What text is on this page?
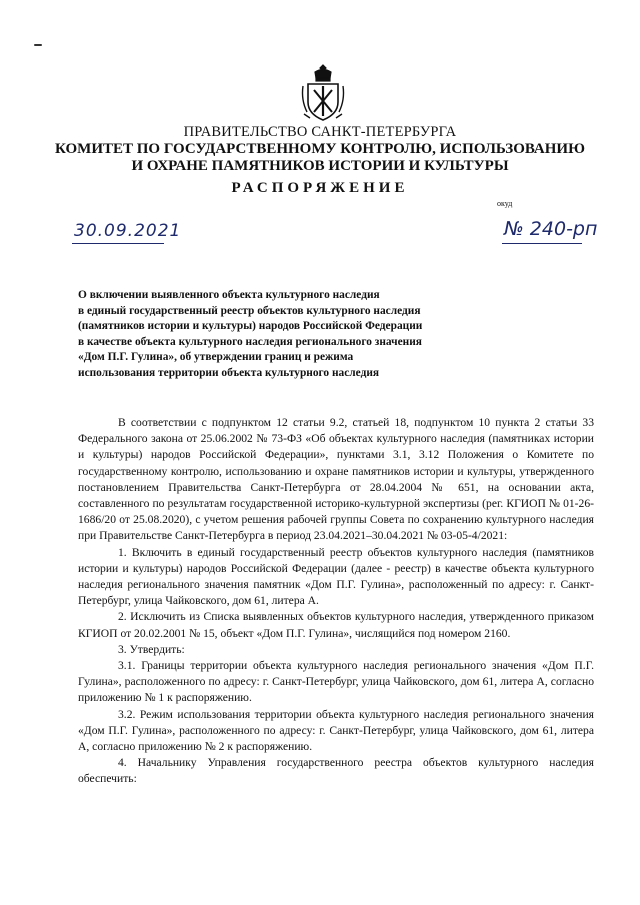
ПРАВИТЕЛЬСТВО САНКТ-ПЕТЕРБУРГА
КОМИТЕТ ПО ГОСУДАРСТВЕННОМУ КОНТРОЛЮ, ИСПОЛЬЗОВАНИЮ
И ОХРАНЕ ПАМЯТНИКОВ ИСТОРИИ И КУЛЬТУРЫ
РАСПОРЯЖЕНИЕ
окуд
30.09.2021	№ 240-рп
О включении выявленного объекта культурного наследия
в единый государственный реестр объектов культурного наследия
(памятников истории и культуры) народов Российской Федерации
в качестве объекта культурного наследия регионального значения
«Дом П.Г. Гулина», об утверждении границ и режима
использования территории объекта культурного наследия

В соответствии с подпунктом 12 статьи 9.2, статьей 18, подпунктом 10 пункта 2 статьи 33 Федерального закона от 25.06.2002 № 73-ФЗ «Об объектах культурного наследия (памятниках истории и культуры) народов Российской Федерации», пунктами 3.1, 3.12 Положения о Комитете по государственному контролю, использованию и охране памятников истории и культуры, утвержденного постановлением Правительства Санкт-Петербурга от 28.04.2004 № 651, на основании акта, составленного по результатам государственной историко-культурной экспертизы (рег. КГИОП № 01-26-1686/20 от 25.08.2020), с учетом решения рабочей группы Совета по сохранению культурного наследия при Правительстве Санкт-Петербурга в период 23.04.2021–30.04.2021 № 03-05-4/2021:

1. Включить в единый государственный реестр объектов культурного наследия (памятников истории и культуры) народов Российской Федерации (далее - реестр) в качестве объекта культурного наследия регионального значения памятник «Дом П.Г. Гулина», расположенный по адресу: г. Санкт-Петербург, улица Чайковского, дом 61, литера А.

2. Исключить из Списка выявленных объектов культурного наследия, утвержденного приказом КГИОП от 20.02.2001 № 15, объект «Дом П.Г. Гулина», числящийся под номером 2160.

3. Утвердить:

3.1. Границы территории объекта культурного наследия регионального значения «Дом П.Г. Гулина», расположенного по адресу: г. Санкт-Петербург, улица Чайковского, дом 61, литера А, согласно приложению № 1 к распоряжению.

3.2. Режим использования территории объекта культурного наследия регионального значения «Дом П.Г. Гулина», расположенного по адресу: г. Санкт-Петербург, улица Чайковского, дом 61, литера А, согласно приложению № 2 к распоряжению.

4. Начальнику Управления государственного реестра объектов культурного наследия обеспечить:
